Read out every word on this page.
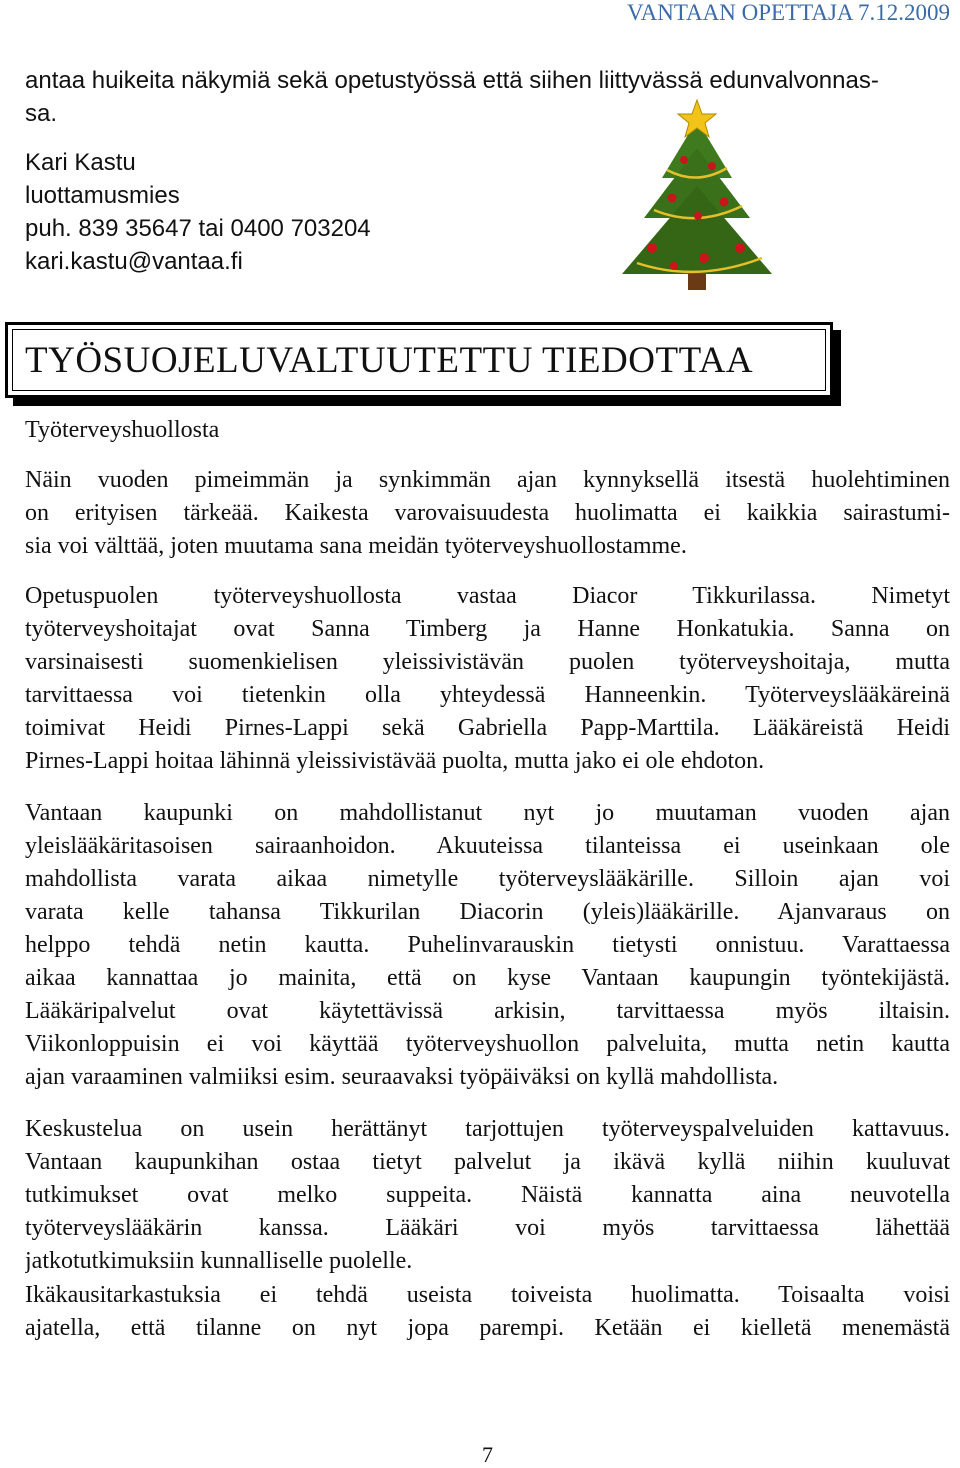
VANTAAN OPETTAJA 7.12.2009
antaa huikeita näkymiä sekä opetustyössä että siihen liittyvässä edunvalvonnas-
sa.
Kari Kastu
luottamusmies
puh. 839 35647 tai 0400 703204
kari.kastu@vantaa.fi
TYÖSUOJELUVALTUUTETTU TIEDOTTAA
Työterveyshuollosta
Näin vuoden pimeimmän ja synkimmän ajan kynnyksellä itsestä huolehtiminen
on erityisen tärkeää. Kaikesta varovaisuudesta huolimatta ei kaikkia sairastumi-
sia voi välttää, joten muutama sana meidän työterveyshuollostamme.
Opetuspuolen työterveyshuollosta vastaa Diacor Tikkurilassa. Nimetyt
työterveyshoitajat ovat Sanna Timberg ja Hanne Honkatukia. Sanna on
varsinaisesti suomenkielisen yleissivistävän puolen työterveyshoitaja, mutta
tarvittaessa voi tietenkin olla yhteydessä Hanneenkin. Työterveyslääkäreinä
toimivat Heidi Pirnes-Lappi sekä Gabriella Papp-Marttila. Lääkäreistä Heidi
Pirnes-Lappi hoitaa lähinnä yleissivistävää puolta, mutta jako ei ole ehdoton.
Vantaan kaupunki on mahdollistanut nyt jo muutaman vuoden ajan
yleislääkäritasoisen sairaanhoidon. Akuuteissa tilanteissa ei useinkaan ole
mahdollista varata aikaa nimetylle työterveyslääkärille. Silloin ajan voi
varata kelle tahansa Tikkurilan Diacorin (yleis)lääkärille. Ajanvaraus on
helppo tehdä netin kautta. Puhelinvarauskin tietysti onnistuu. Varattaessa
aikaa kannattaa jo mainita, että on kyse Vantaan kaupungin työntekijästä.
Lääkäripalvelut ovat käytettävissä arkisin, tarvittaessa myös iltaisin.
Viikonloppuisin ei voi käyttää työterveyshuollon palveluita, mutta netin kautta
ajan varaaminen valmiiksi esim. seuraavaksi työpäiväksi on kyllä mahdollista.
Keskustelua on usein herättänyt tarjottujen työterveyspalveluiden kattavuus.
Vantaan kaupunkihan ostaa tietyt palvelut ja ikävä kyllä niihin kuuluvat
tutkimukset ovat melko suppeita. Näistä kannatta aina neuvotella
työterveyslääkärin kanssa. Lääkäri voi myös tarvittaessa lähettää
jatkotutkimuksiin kunnalliselle puolelle.
Ikäkausitarkastuksia ei tehdä useista toiveista huolimatta. Toisaalta voisi
ajatella, että tilanne on nyt jopa parempi. Ketään ei kielletä menemästä
7
